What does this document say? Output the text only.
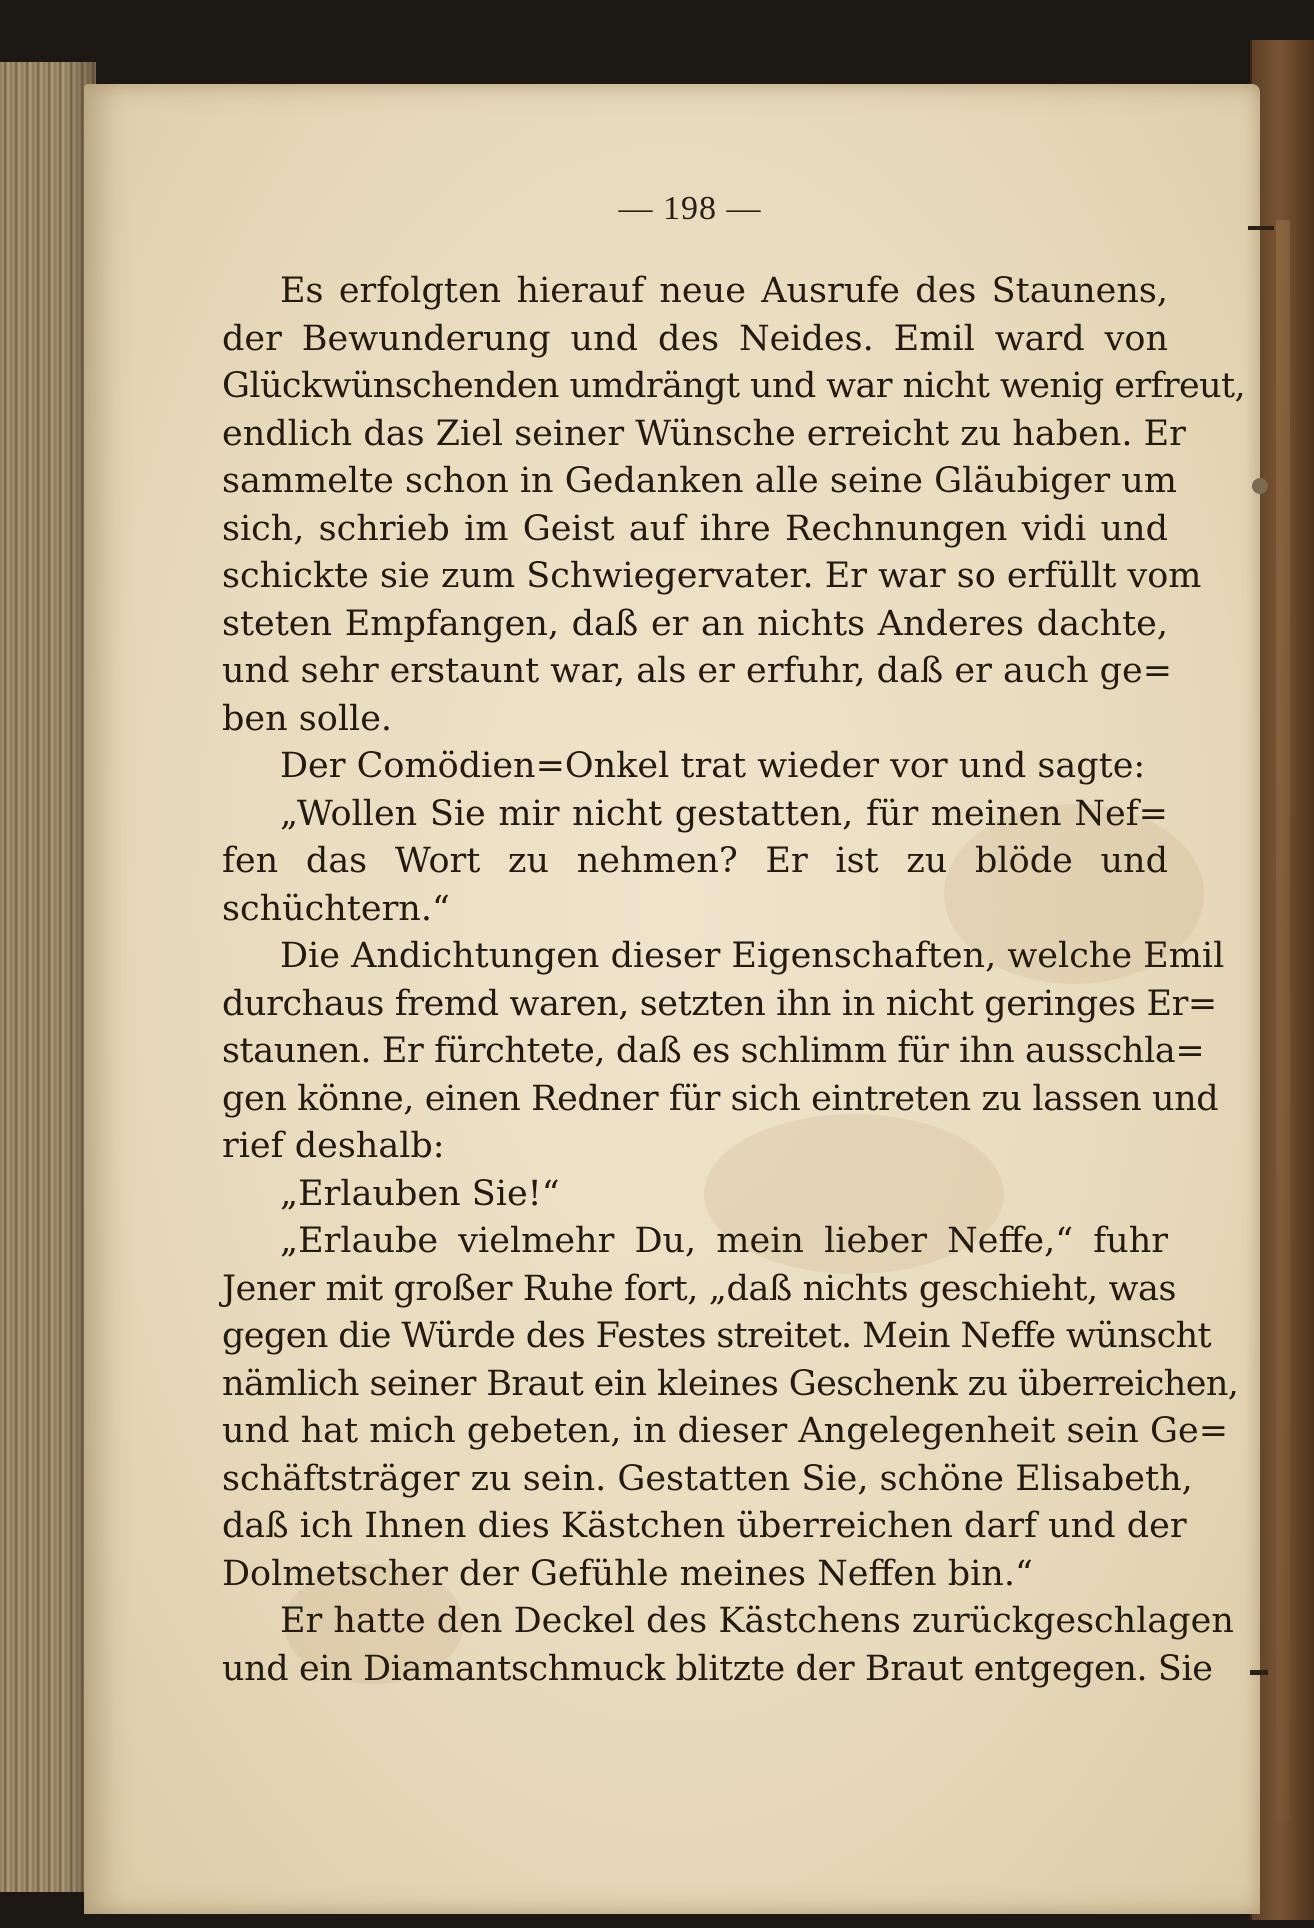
— 198 —
Es erfolgten hierauf neue Ausrufe des Staunens,
der Bewunderung und des Neides. Emil ward von
Glückwünschenden umdrängt und war nicht wenig erfreut,
endlich das Ziel seiner Wünsche erreicht zu haben. Er
sammelte schon in Gedanken alle seine Gläubiger um
sich, schrieb im Geist auf ihre Rechnungen vidi und
schickte sie zum Schwiegervater. Er war so erfüllt vom
steten Empfangen, daß er an nichts Anderes dachte,
und sehr erstaunt war, als er erfuhr, daß er auch ge=
ben solle.
Der Comödien=Onkel trat wieder vor und sagte:
„Wollen Sie mir nicht gestatten, für meinen Nef=
fen das Wort zu nehmen? Er ist zu blöde und
schüchtern.“
Die Andichtungen dieser Eigenschaften, welche Emil
durchaus fremd waren, setzten ihn in nicht geringes Er=
staunen. Er fürchtete, daß es schlimm für ihn ausschla=
gen könne, einen Redner für sich eintreten zu lassen und
rief deshalb:
„Erlauben Sie!“
„Erlaube vielmehr Du, mein lieber Neffe,“ fuhr
Jener mit großer Ruhe fort, „daß nichts geschieht, was
gegen die Würde des Festes streitet. Mein Neffe wünscht
nämlich seiner Braut ein kleines Geschenk zu überreichen,
und hat mich gebeten, in dieser Angelegenheit sein Ge=
schäftsträger zu sein. Gestatten Sie, schöne Elisabeth,
daß ich Ihnen dies Kästchen überreichen darf und der
Dolmetscher der Gefühle meines Neffen bin.“
Er hatte den Deckel des Kästchens zurückgeschlagen
und ein Diamantschmuck blitzte der Braut entgegen. Sie
